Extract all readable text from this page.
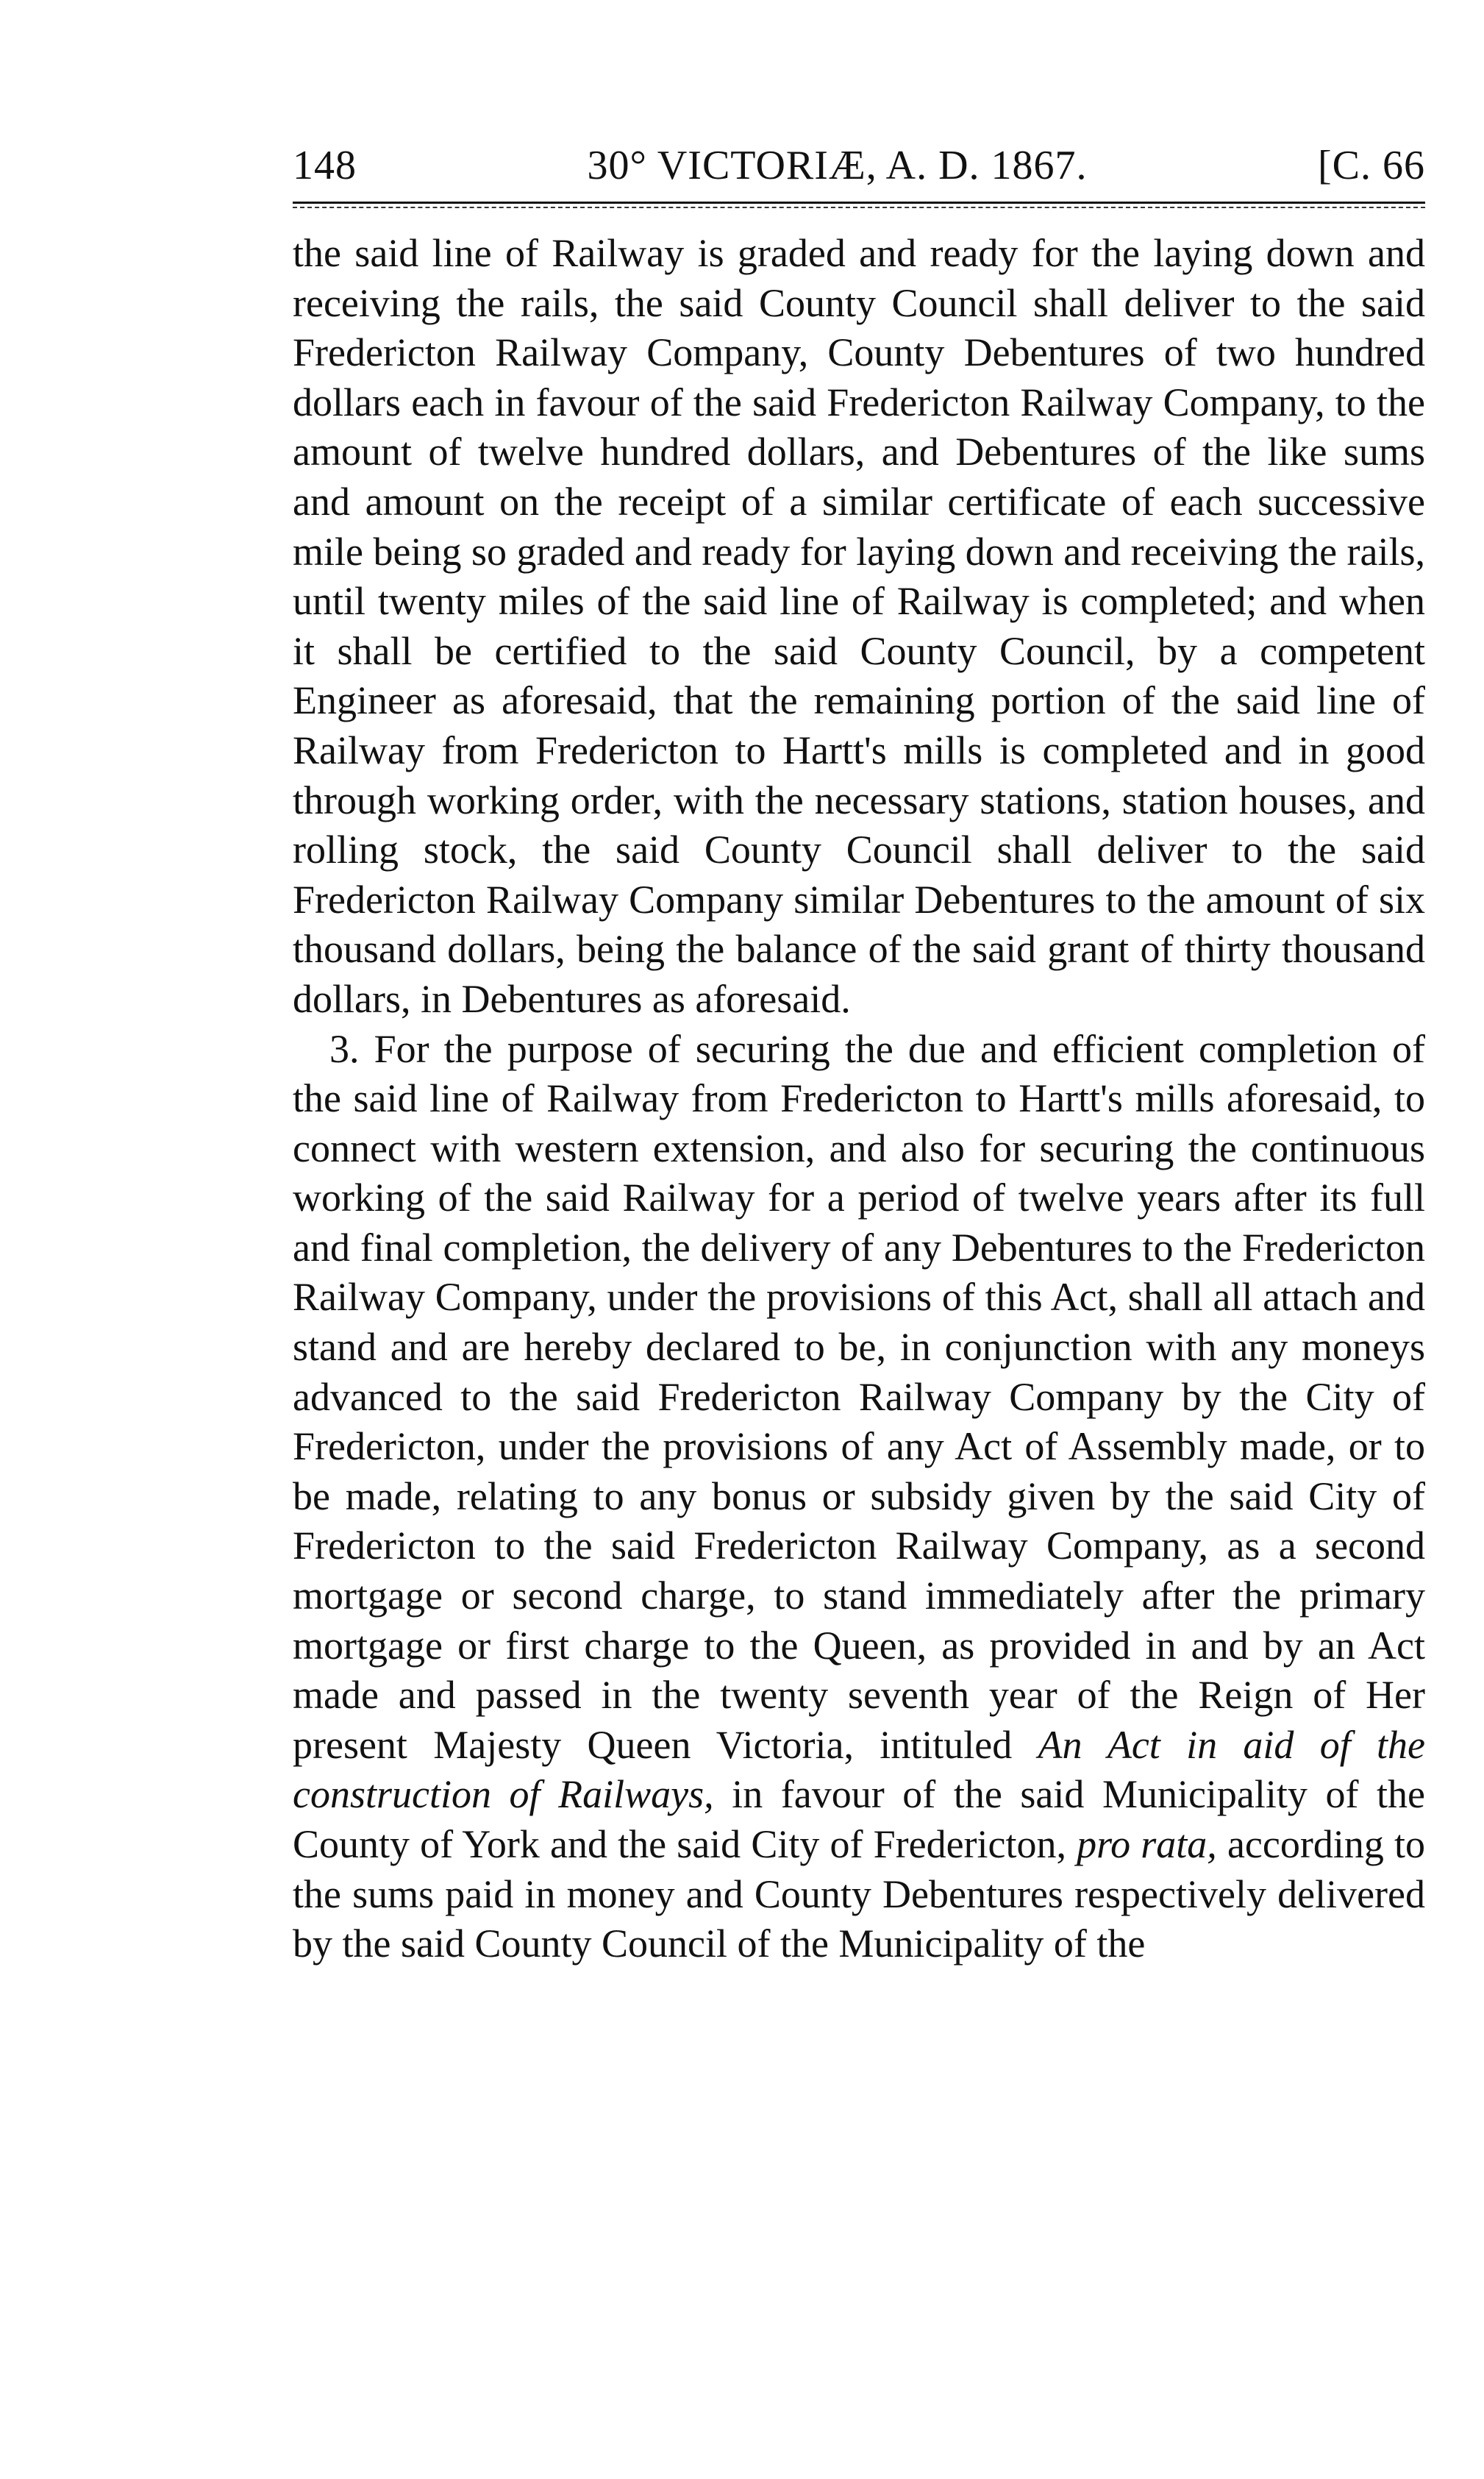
148	30° VICTORIÆ, A. D. 1867.	[C. 66

the said line of Railway is graded and ready for the laying down and receiving the rails, the said County Council shall deliver to the said Fredericton Railway Company, County Debentures of two hundred dollars each in favour of the said Fredericton Railway Company, to the amount of twelve hundred dollars, and Debentures of the like sums and amount on the receipt of a similar certificate of each successive mile being so graded and ready for laying down and receiving the rails, until twenty miles of the said line of Railway is completed; and when it shall be certified to the said County Council, by a competent Engineer as aforesaid, that the remaining portion of the said line of Railway from Fredericton to Hartt's mills is completed and in good through working order, with the necessary stations, station houses, and rolling stock, the said County Council shall deliver to the said Fredericton Railway Company similar Debentures to the amount of six thousand dollars, being the balance of the said grant of thirty thousand dollars, in Debentures as aforesaid.

3. For the purpose of securing the due and efficient completion of the said line of Railway from Fredericton to Hartt's mills aforesaid, to connect with western extension, and also for securing the continuous working of the said Railway for a period of twelve years after its full and final completion, the delivery of any Debentures to the Fredericton Railway Company, under the provisions of this Act, shall all attach and stand and are hereby declared to be, in conjunction with any moneys advanced to the said Fredericton Railway Company by the City of Fredericton, under the provisions of any Act of Assembly made, or to be made, relating to any bonus or subsidy given by the said City of Fredericton to the said Fredericton Railway Company, as a second mortgage or second charge, to stand immediately after the primary mortgage or first charge to the Queen, as provided in and by an Act made and passed in the twenty seventh year of the Reign of Her present Majesty Queen Victoria, intituled An Act in aid of the construction of Railways, in favour of the said Municipality of the County of York and the said City of Fredericton, pro rata, according to the sums paid in money and County Debentures respectively delivered by the said County Council of the Municipality of the
